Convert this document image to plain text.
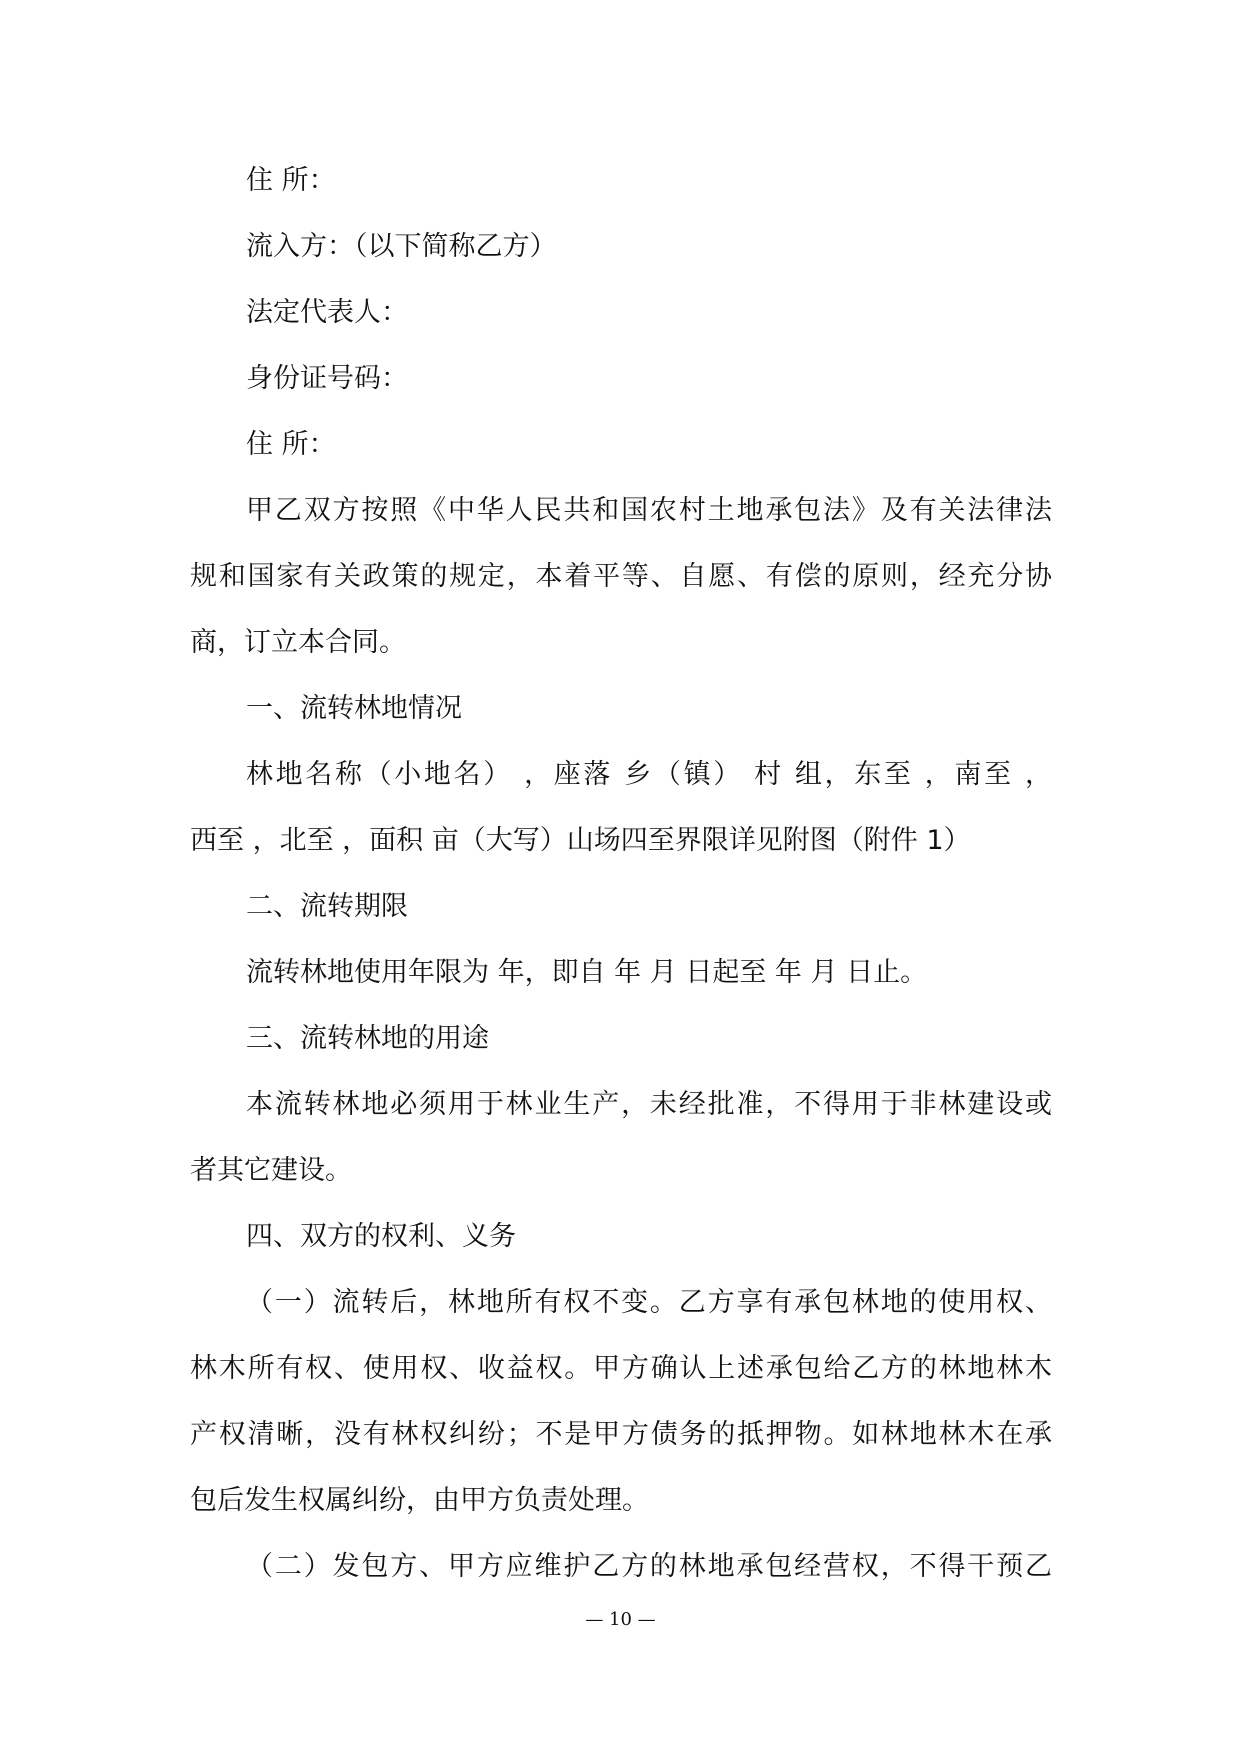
住 所：
流入方：（以下简称乙方）
法定代表人：
身份证号码：
住 所：
甲乙双方按照《中华人民共和国农村土地承包法》及有关法律法
规和国家有关政策的规定，本着平等、自愿、有偿的原则，经充分协
商，订立本合同。
一、流转林地情况
林地名称（小地名） ，座落 乡（镇） 村 组，东至 ，南至 ，
西至 ，北至 ，面积 亩（大写）山场四至界限详见附图（附件 1）
二、流转期限
流转林地使用年限为 年，即自 年 月 日起至 年 月 日止。
三、流转林地的用途
本流转林地必须用于林业生产，未经批准，不得用于非林建设或
者其它建设。
四、双方的权利、义务
（一）流转后，林地所有权不变。乙方享有承包林地的使用权、
林木所有权、使用权、收益权。甲方确认上述承包给乙方的林地林木
产权清晰，没有林权纠纷；不是甲方债务的抵押物。如林地林木在承
包后发生权属纠纷，由甲方负责处理。
（二）发包方、甲方应维护乙方的林地承包经营权，不得干预乙
— 10 —
